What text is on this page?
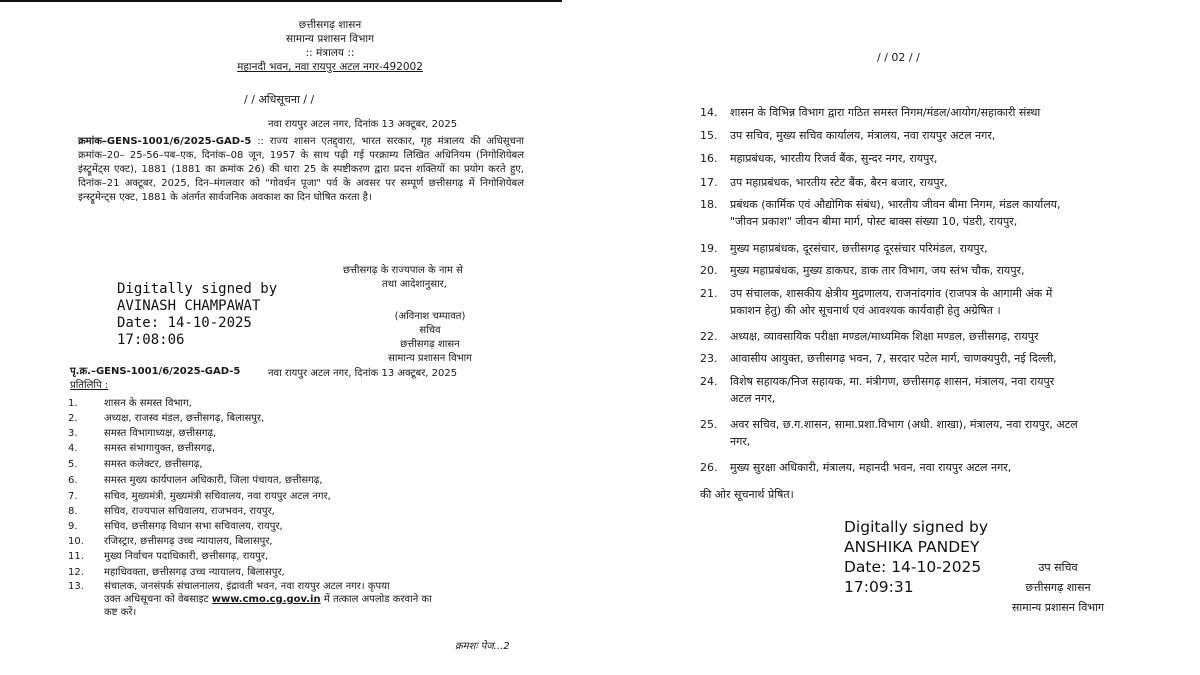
छत्तीसगढ़ शासन
सामान्य प्रशासन विभाग
:: मंत्रालय ::
महानदी भवन, नवा रायपुर अटल नगर-492002
/ / अधिसूचना / /
नवा रायपुर अटल नगर, दिनांक 13 अक्टूबर, 2025
क्रमांक–GENS-1001/6/2025-GAD-5 :: राज्य शासन एतद्द्वारा, भारत सरकार, गृह मंत्रालय की अधिसूचना क्रमांक–20– 25-56–पब–एक, दिनांक–08 जून, 1957 के साथ पढ़ी गई परक्राम्य लिखित अधिनियम (निगोशियेबल इंस्ट्रूमेंट्स एक्ट), 1881 (1881 का क्रमांक 26) की धारा 25 के स्पष्टीकरण द्वारा प्रदत्त शक्तियों का प्रयोग करते हुए, दिनांक–21 अक्टूबर, 2025, दिन–मंगलवार को "गोवर्धन पूजा" पर्व के अवसर पर सम्पूर्ण छत्तीसगढ़ में निगोशियेबल इन्स्ट्रूमेन्ट्स एक्ट, 1881 के अंतर्गत सार्वजनिक अवकाश का दिन घोषित करता है।
छत्तीसगढ़ के राज्यपाल के नाम से
तथा आदेशानुसार,
Digitally signed by
AVINASH CHAMPAWAT
Date: 14-10-2025
17:08:06
(अविनाश चम्पावत)
सचिव
छत्तीसगढ़ शासन
सामान्य प्रशासन विभाग
पृ.क्र.–GENS-1001/6/2025-GAD-5	नवा रायपुर अटल नगर, दिनांक 13 अक्टूबर, 2025
प्रतिलिपि :
1.	शासन के समस्त विभाग,
2.	अध्यक्ष, राजस्व मंडल, छत्तीसगढ़, बिलासपुर,
3.	समस्त विभागाध्यक्ष, छत्तीसगढ़,
4.	समस्त संभागायुक्त, छत्तीसगढ़,
5.	समस्त कलेक्टर, छत्तीसगढ़,
6.	समस्त मुख्य कार्यपालन अधिकारी, जिला पंचायत, छत्तीसगढ़,
7.	सचिव, मुख्यमंत्री, मुख्यमंत्री सचिवालय, नवा रायपुर अटल नगर,
8.	सचिव, राज्यपाल सचिवालय, राजभवन, रायपुर,
9.	सचिव, छत्तीसगढ़ विधान सभा सचिवालय, रायपुर,
10. रजिस्ट्रार, छत्तीसगढ़ उच्च न्यायालय, बिलासपुर,
11. मुख्य निर्वाचन पदाधिकारी, छत्तीसगढ़, रायपुर,
12. महाधिवक्ता, छत्तीसगढ़ उच्च न्यायालय, बिलासपुर,
13. संचालक, जनसंपर्क संचालनालय, इंद्रावती भवन, नवा रायपुर अटल नगर। कृपया
उक्त अधिसूचना को वेबसाइट www.cmo.cg.gov.in में तत्काल अपलोड करवाने का
कष्ट करें।
क्रमशः पेज...2
/ / 02 / /
14. शासन के विभिन्न विभाग द्वारा गठित समस्त निगम/मंडल/आयोग/सहाकारी संस्था
15. उप सचिव, मुख्य सचिव कार्यालय, मंत्रालय, नवा रायपुर अटल नगर,
16. महाप्रबंधक, भारतीय रिजर्व बैंक, सुन्दर नगर, रायपुर,
17. उप महाप्रबंधक, भारतीय स्टेट बैंक, बैरन बजार, रायपुर,
18. प्रबंधक (कार्मिक एवं औद्योगिक संबंध), भारतीय जीवन बीमा निगम, मंडल कार्यालय,
"जीवन प्रकाश" जीवन बीमा मार्ग, पोस्ट बाक्स संख्या 10, पंडरी, रायपुर,
19. मुख्य महाप्रबंधक, दूरसंचार, छत्तीसगढ़ दूरसंचार परिमंडल, रायपुर,
20. मुख्य महाप्रबंधक, मुख्य डाकघर, डाक तार विभाग, जय स्तंभ चौक, रायपुर,
21. उप संचालक, शासकीय क्षेत्रीय मुद्रणालय, राजनांदगांव (राजपत्र के आगामी अंक में
प्रकाशन हेतु) की ओर सूचनार्थ एवं आवश्यक कार्यवाही हेतु अग्रेषित ।
22. अध्यक्ष, व्यावसायिक परीक्षा मण्डल/माध्यमिक शिक्षा मण्डल, छत्तीसगढ़, रायपुर
23. आवासीय आयुक्त, छत्तीसगढ़ भवन, 7, सरदार पटेल मार्ग, चाणक्यपुरी, नई दिल्ली,
24. विशेष सहायक/निज सहायक, मा. मंत्रीगण, छत्तीसगढ़ शासन, मंत्रालय, नवा रायपुर
अटल नगर,
25. अवर सचिव, छ.ग.शासन, सामा.प्रशा.विभाग (अधी. शाखा), मंत्रालय, नवा रायपुर, अटल
नगर,
26. मुख्य सुरक्षा अधिकारी, मंत्रालय, महानदी भवन, नवा रायपुर अटल नगर,
की ओर सूचनार्थ प्रेषित।
Digitally signed by
ANSHIKA PANDEY
Date: 14-10-2025
17:09:31
उप सचिव
छत्तीसगढ़ शासन
सामान्य प्रशासन विभाग
